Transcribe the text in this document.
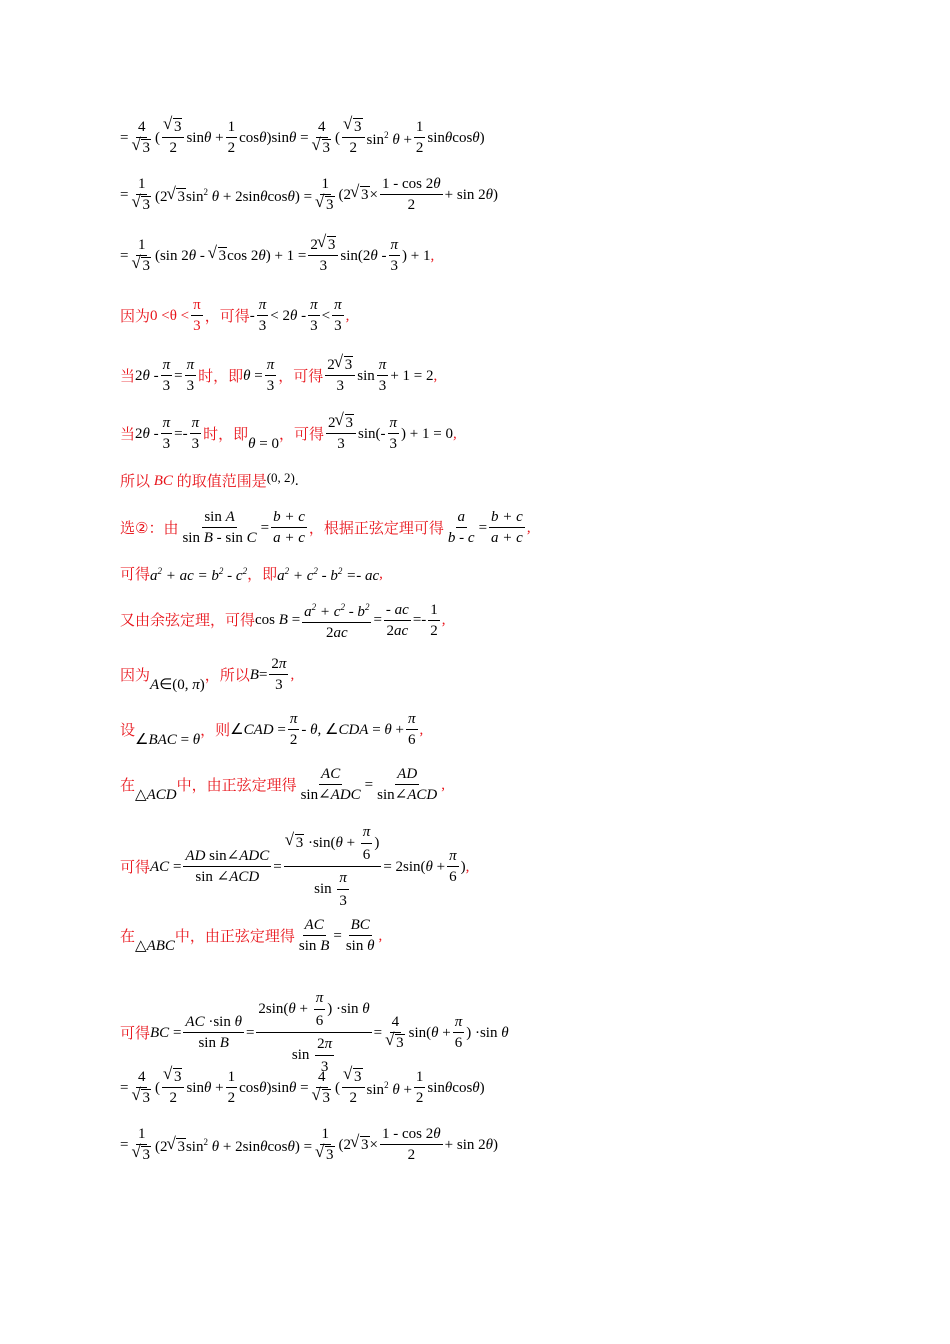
= 4
√ 3 ( √ $\frac{3}{2}$ $\sin\theta + \frac{1}{2} \cos\theta)\sin\theta = 4$
√ 3 ( √ $\frac{3}{2} \sin^2 \theta + \frac{1}{2} \sin\theta\cos\theta$)
= 1
√ 3 (2 √ $3\sin^2$ θ + 2sinθcosθ) = 1
√ 3 (2 √ $3\times \frac{1 - \cos 2\theta}{2} + \sin 2\theta$)
= 1
√ 3 (sin 2θ - √ 3cos $2\theta) + 1 = \frac{2 √ 3}{3} \sin(2\theta - \frac{\pi}{3}$ ) + 1,
因为 $0 <\theta < \frac{\pi}{3}$ ，可得 - $\frac{\pi}{3} < 2\theta - \frac{\pi}{3} < \frac{\pi}{3}$ ,
当 $2\theta - \frac{\pi}{3} = \frac{\pi}{3}$ 时，即 $\theta = \frac{\pi}{3}$ ，可得 $\frac{2 √ 3}{3}$ $\sin \frac{\pi}{3} + 1 = 2$ ,
当 $2\theta - \frac{\pi}{3} =- \frac{\pi}{3}$ 时，即
θ = 0
，可得 $\frac{2 √ 3}{3} \sin(- \frac{\pi}{3}$ ) + 1 = 0 ,
所以 BC 的取值范围是 (0, 2) .
选②：由 $\frac{\text{sin A}}{\text{sin B - sin C}} = \frac{b + c}{a + c}$ ，根据正弦定理可得 $\frac{a}{b - c} = \frac{b + c}{a + c}$ ,
可得 $a^2$ + ac = $b^2 - c^2$ ，即 $a^2 + c^2 - b^2$ =- ac ,
又由余弦定理，可得 $\cos B = \frac{a^2 + c^2 - b^2}{2ac} = \frac{- ac}{2ac} =- \frac{1}{2}$ ,
因为
A∈(0, π)
，所以 $B = \frac{2\pi}{3}$ ,
设
∠BAC = θ
，则 ∠CAD = $\frac{\pi}{2}$ - θ, ∠CDA = $\theta + \frac{\pi}{6}$ ,
在
△ACD
中，由正弦定理得 $\frac{AC}{\text{sin∠ADC}} = \frac{AD}{\text{sin∠ACD}}$ ,
可得 AC = $\frac{\text{AD sin∠ADC}}{\text{sin ∠ACD}}$ = √ $\frac{3 \cdot\sin(\theta + \frac{\pi}{6} )}{\sin \frac{\pi}{3}} = 2\sin(\theta + \frac{\pi}{6}$ ) ,
在
△ABC
中，由正弦定理得 $\frac{AC}{\text{sin B}} = \frac{BC}{\text{sin θ}}$ ,
可得 BC = $\frac{\text{AC ·sin θ}}{\text{sin B}} = \frac{2\sin(\theta + \frac{\pi}{6} ) \cdot\sin \theta}{\sin \frac{2\pi}{3}} = 4$
√ 3 $\sin(\theta + \frac{\pi}{6}$ ) ·sin θ
= 4
√ 3 ( √ $\frac{3}{2}$ $\sin\theta + \frac{1}{2} \cos\theta)\sin\theta = 4$
√ 3 ( √ $\frac{3}{2} \sin^2 \theta + \frac{1}{2} \sin\theta\cos\theta$)
= 1
√ 3 (2 √ $3\sin^2$ θ + 2sinθcosθ) = 1
√ 3 (2 √ $3\times \frac{1 - \cos 2\theta}{2} + \sin 2\theta$)
